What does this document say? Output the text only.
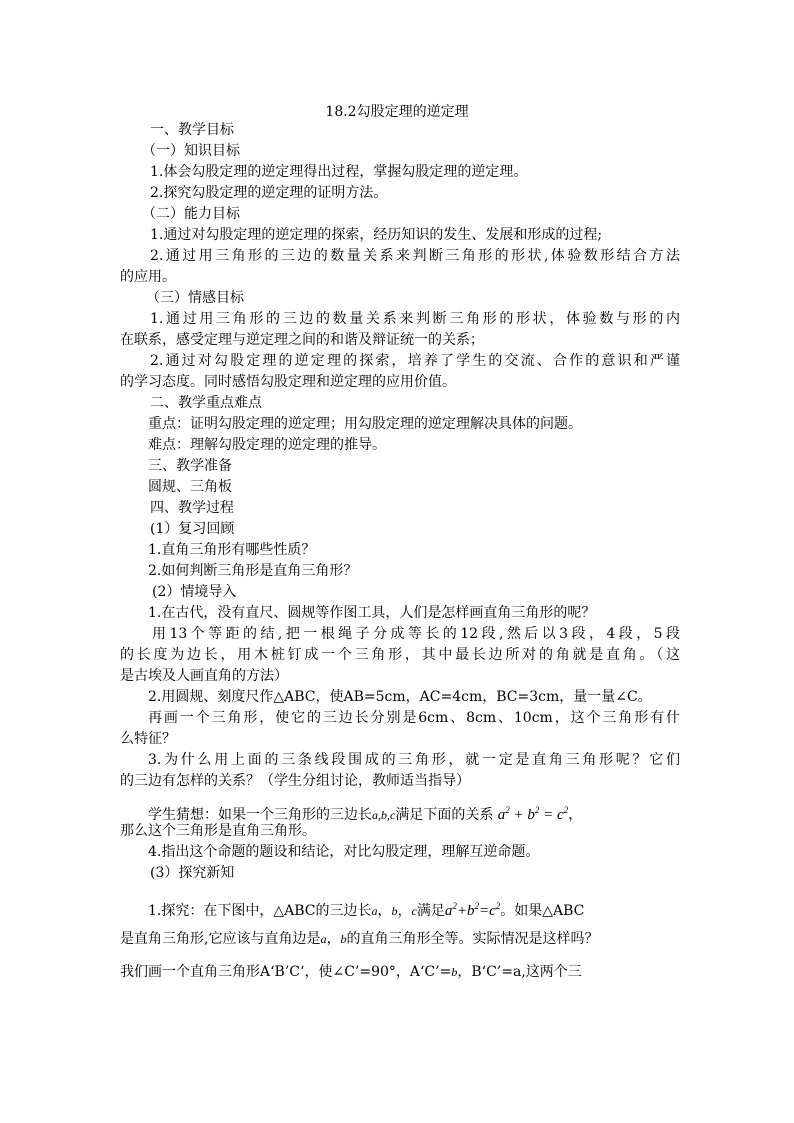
18.2勾股定理的逆定理
一、教学目标
（一）知识目标
1.体会勾股定理的逆定理得出过程，掌握勾股定理的逆定理。
2.探究勾股定理的逆定理的证明方法。
（二）能力目标
1.通过对勾股定理的逆定理的探索，经历知识的发生、发展和形成的过程;
2.通过用三角形的三边的数量关系来判断三角形的形状,体验数形结合方法
的应用。
（三）情感目标
1.通过用三角形的三边的数量关系来判断三角形的形状，体验数与形的内
在联系，感受定理与逆定理之间的和谐及辩证统一的关系；
2.通过对勾股定理的逆定理的探索，培养了学生的交流、合作的意识和严谨
的学习态度。同时感悟勾股定理和逆定理的应用价值。
二、教学重点难点
重点：证明勾股定理的逆定理；用勾股定理的逆定理解决具体的问题。
难点：理解勾股定理的逆定理的推导。
三、教学准备
圆规、三角板
四、教学过程
(1）复习回顾
1.直角三角形有哪些性质？
2.如何判断三角形是直角三角形？
(2）情境导入
1.在古代，没有直尺、圆规等作图工具，人们是怎样画直角三角形的呢？
用13个等距的结,把一根绳子分成等长的12段,然后以3段，4段，5段
的长度为边长，用木桩钉成一个三角形，其中最长边所对的角就是直角。（这
是古埃及人画直角的方法）
2.用圆规、刻度尺作△ABC，使AB=5cm，AC=4cm，BC=3cm，量一量∠C。
再画一个三角形，使它的三边长分别是6cm、8cm、10cm，这个三角形有什
么特征？
3.为什么用上面的三条线段围成的三角形，就一定是直角三角形呢？它们
的三边有怎样的关系？（学生分组讨论，教师适当指导）
学生猜想：如果一个三角形的三边长a,b,c满足下面的关系 $a^2 + b^2 = c^2$，
那么这个三角形是直角三角形。
4.指出这个命题的题设和结论，对比勾股定理，理解互逆命题。
(3）探究新知
1.探究：在下图中，△ABC的三边长a，b，c满足$a^2+b^2=c^2$。如果△ABC
是直角三角形,它应该与直角边是a，b的直角三角形全等。实际情况是这样吗？
我们画一个直角三角形A‘B’C‘，使∠C’=90°，A‘C’=b，B‘C’=a,这两个三
